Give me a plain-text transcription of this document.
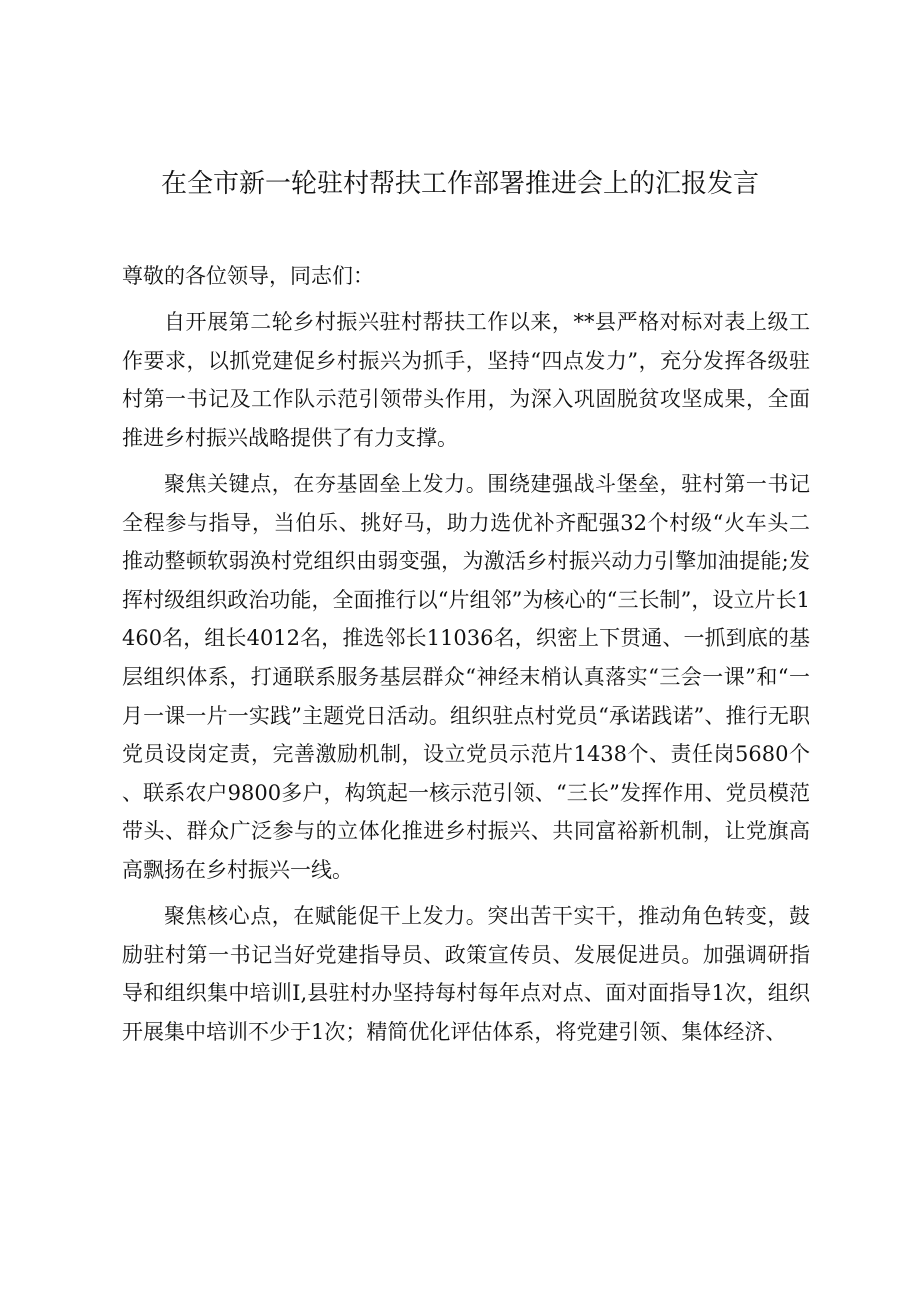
在全市新一轮驻村帮扶工作部署推进会上的汇报发言

尊敬的各位领导，同志们：

自开展第二轮乡村振兴驻村帮扶工作以来，**县严格对标对表上级工作要求，以抓党建促乡村振兴为抓手，坚持“四点发力”，充分发挥各级驻村第一书记及工作队示范引领带头作用，为深入巩固脱贫攻坚成果，全面推进乡村振兴战略提供了有力支撑。

聚焦关键点，在夯基固垒上发力。围绕建强战斗堡垒，驻村第一书记全程参与指导，当伯乐、挑好马，助力选优补齐配强32个村级“火车头二推动整顿软弱涣村党组织由弱变强，为激活乡村振兴动力引擎加油提能;发挥村级组织政治功能，全面推行以“片组邻”为核心的“三长制”，设立片长1460名，组长4012名，推选邻长11036名，织密上下贯通、一抓到底的基层组织体系，打通联系服务基层群众“神经末梢认真落实“三会一课”和“一月一课一片一实践”主题党日活动。组织驻点村党员“承诺践诺”、推行无职党员设岗定责，完善激励机制，设立党员示范片1438个、责任岗5680个、联系农户9800多户，构筑起一核示范引领、“三长”发挥作用、党员模范带头、群众广泛参与的立体化推进乡村振兴、共同富裕新机制，让党旗高高飘扬在乡村振兴一线。

聚焦核心点，在赋能促干上发力。突出苦干实干，推动角色转变，鼓励驻村第一书记当好党建指导员、政策宣传员、发展促进员。加强调研指导和组织集中培训I,县驻村办坚持每村每年点对点、面对面指导1次，组织开展集中培训不少于1次；精简优化评估体系，将党建引领、集体经济、
